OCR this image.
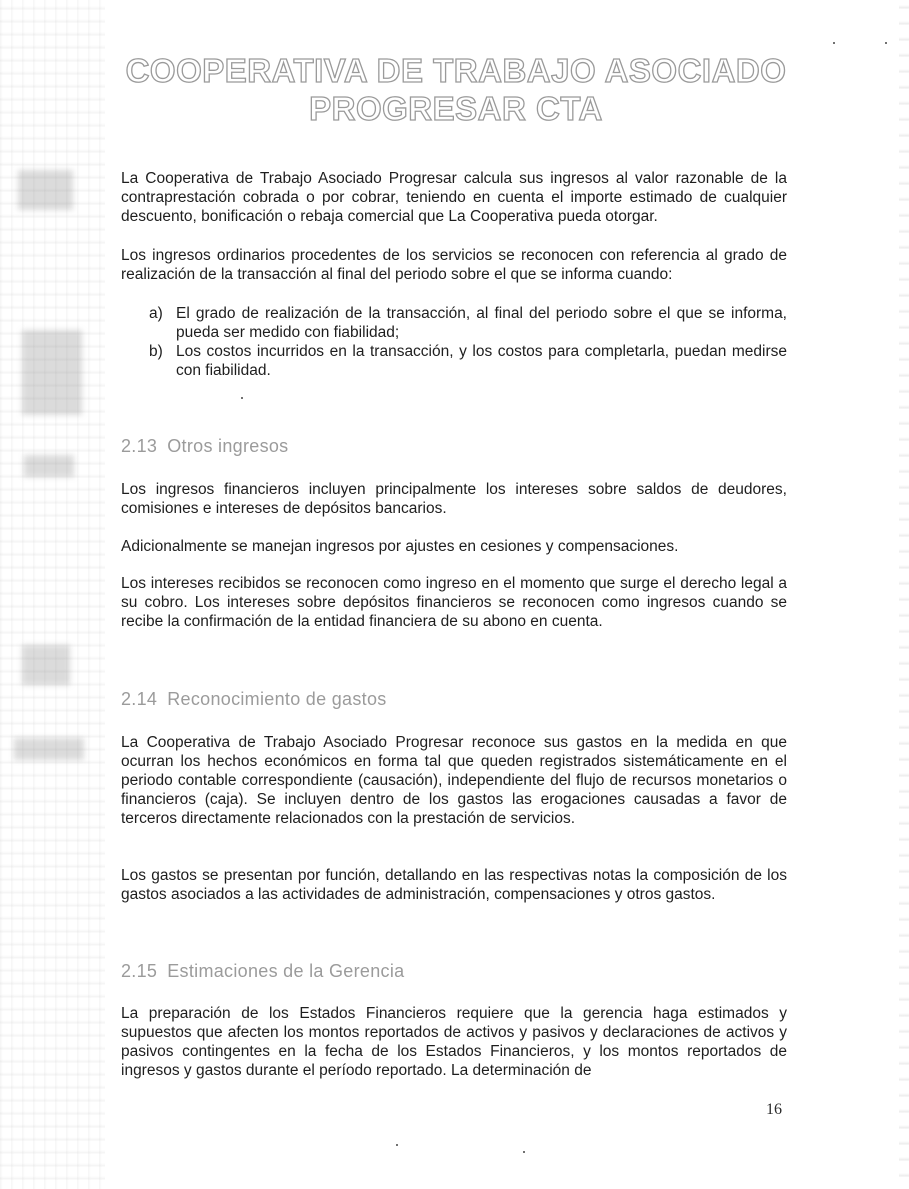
COOPERATIVA DE TRABAJO ASOCIADO
PROGRESAR CTA
La Cooperativa de Trabajo Asociado Progresar calcula sus ingresos al valor razonable de la contraprestación cobrada o por cobrar, teniendo en cuenta el importe estimado de cualquier descuento, bonificación o rebaja comercial que La Cooperativa pueda otorgar.
Los ingresos ordinarios procedentes de los servicios se reconocen con referencia al grado de realización de la transacción al final del periodo sobre el que se informa cuando:
a) El grado de realización de la transacción, al final del periodo sobre el que se informa, pueda ser medido con fiabilidad;
b) Los costos incurridos en la transacción, y los costos para completarla, puedan medirse con fiabilidad.
2.13 Otros ingresos
Los ingresos financieros incluyen principalmente los intereses sobre saldos de deudores, comisiones e intereses de depósitos bancarios.
Adicionalmente se manejan ingresos por ajustes en cesiones y compensaciones.
Los intereses recibidos se reconocen como ingreso en el momento que surge el derecho legal a su cobro. Los intereses sobre depósitos financieros se reconocen como ingresos cuando se recibe la confirmación de la entidad financiera de su abono en cuenta.
2.14 Reconocimiento de gastos
La Cooperativa de Trabajo Asociado Progresar reconoce sus gastos en la medida en que ocurran los hechos económicos en forma tal que queden registrados sistemáticamente en el periodo contable correspondiente (causación), independiente del flujo de recursos monetarios o financieros (caja). Se incluyen dentro de los gastos las erogaciones causadas a favor de terceros directamente relacionados con la prestación de servicios.
Los gastos se presentan por función, detallando en las respectivas notas la composición de los gastos asociados a las actividades de administración, compensaciones y otros gastos.
2.15 Estimaciones de la Gerencia
La preparación de los Estados Financieros requiere que la gerencia haga estimados y supuestos que afecten los montos reportados de activos y pasivos y declaraciones de activos y pasivos contingentes en la fecha de los Estados Financieros, y los montos reportados de ingresos y gastos durante el período reportado. La determinación de
16
